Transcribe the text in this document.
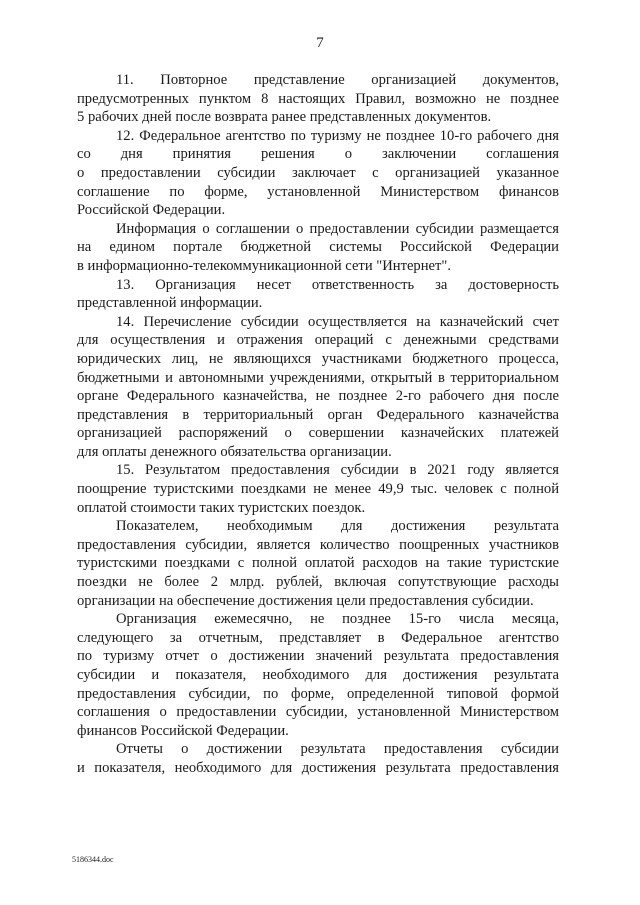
7
11. Повторное представление организацией документов,
предусмотренных пунктом 8 настоящих Правил, возможно не позднее
5 рабочих дней после возврата ранее представленных документов.
12. Федеральное агентство по туризму не позднее 10-го рабочего дня
со дня принятия решения о заключении соглашения
о предоставлении субсидии заключает с организацией указанное
соглашение по форме, установленной Министерством финансов
Российской Федерации.
Информация о соглашении о предоставлении субсидии размещается
на едином портале бюджетной системы Российской Федерации
в информационно-телекоммуникационной сети "Интернет".
13. Организация несет ответственность за достоверность
представленной информации.
14. Перечисление субсидии осуществляется на казначейский счет
для осуществления и отражения операций с денежными средствами
юридических лиц, не являющихся участниками бюджетного процесса,
бюджетными и автономными учреждениями, открытый в территориальном
органе Федерального казначейства, не позднее 2-го рабочего дня после
представления в территориальный орган Федерального казначейства
организацией распоряжений о совершении казначейских платежей
для оплаты денежного обязательства организации.
15. Результатом предоставления субсидии в 2021 году является
поощрение туристскими поездками не менее 49,9 тыс. человек с полной
оплатой стоимости таких туристских поездок.
Показателем, необходимым для достижения результата
предоставления субсидии, является количество поощренных участников
туристскими поездками с полной оплатой расходов на такие туристские
поездки не более 2 млрд. рублей, включая сопутствующие расходы
организации на обеспечение достижения цели предоставления субсидии.
Организация ежемесячно, не позднее 15-го числа месяца,
следующего за отчетным, представляет в Федеральное агентство
по туризму отчет о достижении значений результата предоставления
субсидии и показателя, необходимого для достижения результата
предоставления субсидии, по форме, определенной типовой формой
соглашения о предоставлении субсидии, установленной Министерством
финансов Российской Федерации.
Отчеты о достижении результата предоставления субсидии
и показателя, необходимого для достижения результата предоставления
5186344.doc
